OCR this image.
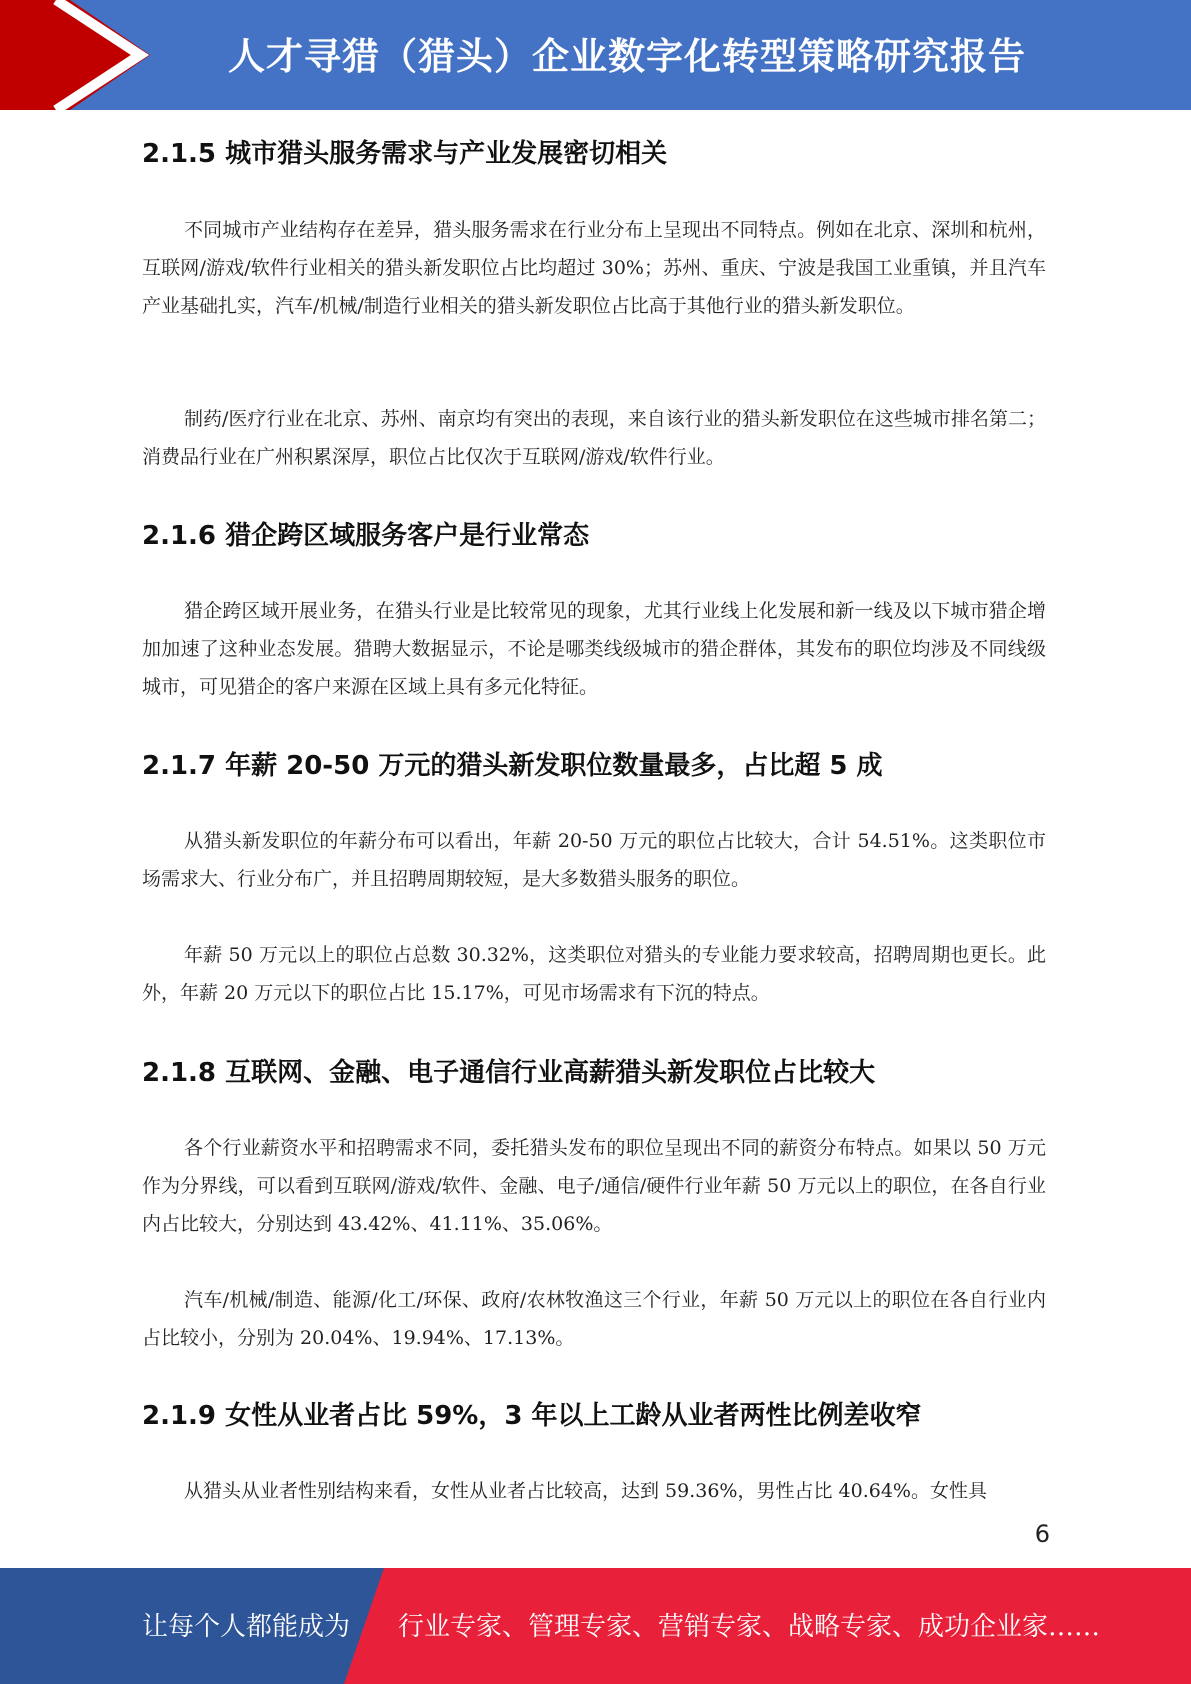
人才寻猎（猎头）企业数字化转型策略研究报告
2.1.5 城市猎头服务需求与产业发展密切相关

不同城市产业结构存在差异，猎头服务需求在行业分布上呈现出不同特点。例如在北京、深圳和杭州，互联网/游戏/软件行业相关的猎头新发职位占比均超过 30%；苏州、重庆、宁波是我国工业重镇，并且汽车产业基础扎实，汽车/机械/制造行业相关的猎头新发职位占比高于其他行业的猎头新发职位。

制药/医疗行业在北京、苏州、南京均有突出的表现，来自该行业的猎头新发职位在这些城市排名第二；消费品行业在广州积累深厚，职位占比仅次于互联网/游戏/软件行业。

2.1.6 猎企跨区域服务客户是行业常态

猎企跨区域开展业务，在猎头行业是比较常见的现象，尤其行业线上化发展和新一线及以下城市猎企增加加速了这种业态发展。猎聘大数据显示，不论是哪类线级城市的猎企群体，其发布的职位均涉及不同线级城市，可见猎企的客户来源在区域上具有多元化特征。

2.1.7 年薪 20-50 万元的猎头新发职位数量最多，占比超 5 成

从猎头新发职位的年薪分布可以看出，年薪 20-50 万元的职位占比较大，合计 54.51%。这类职位市场需求大、行业分布广，并且招聘周期较短，是大多数猎头服务的职位。

年薪 50 万元以上的职位占总数 30.32%，这类职位对猎头的专业能力要求较高，招聘周期也更长。此外，年薪 20 万元以下的职位占比 15.17%，可见市场需求有下沉的特点。

2.1.8 互联网、金融、电子通信行业高薪猎头新发职位占比较大

各个行业薪资水平和招聘需求不同，委托猎头发布的职位呈现出不同的薪资分布特点。如果以 50 万元作为分界线，可以看到互联网/游戏/软件、金融、电子/通信/硬件行业年薪 50 万元以上的职位，在各自行业内占比较大，分别达到 43.42%、41.11%、35.06%。

汽车/机械/制造、能源/化工/环保、政府/农林牧渔这三个行业，年薪 50 万元以上的职位在各自行业内占比较小，分别为 20.04%、19.94%、17.13%。

2.1.9 女性从业者占比 59%，3 年以上工龄从业者两性比例差收窄

从猎头从业者性别结构来看，女性从业者占比较高，达到 59.36%，男性占比 40.64%。女性具

6
让每个人都能成为 行业专家、管理专家、营销专家、战略专家、成功企业家……
